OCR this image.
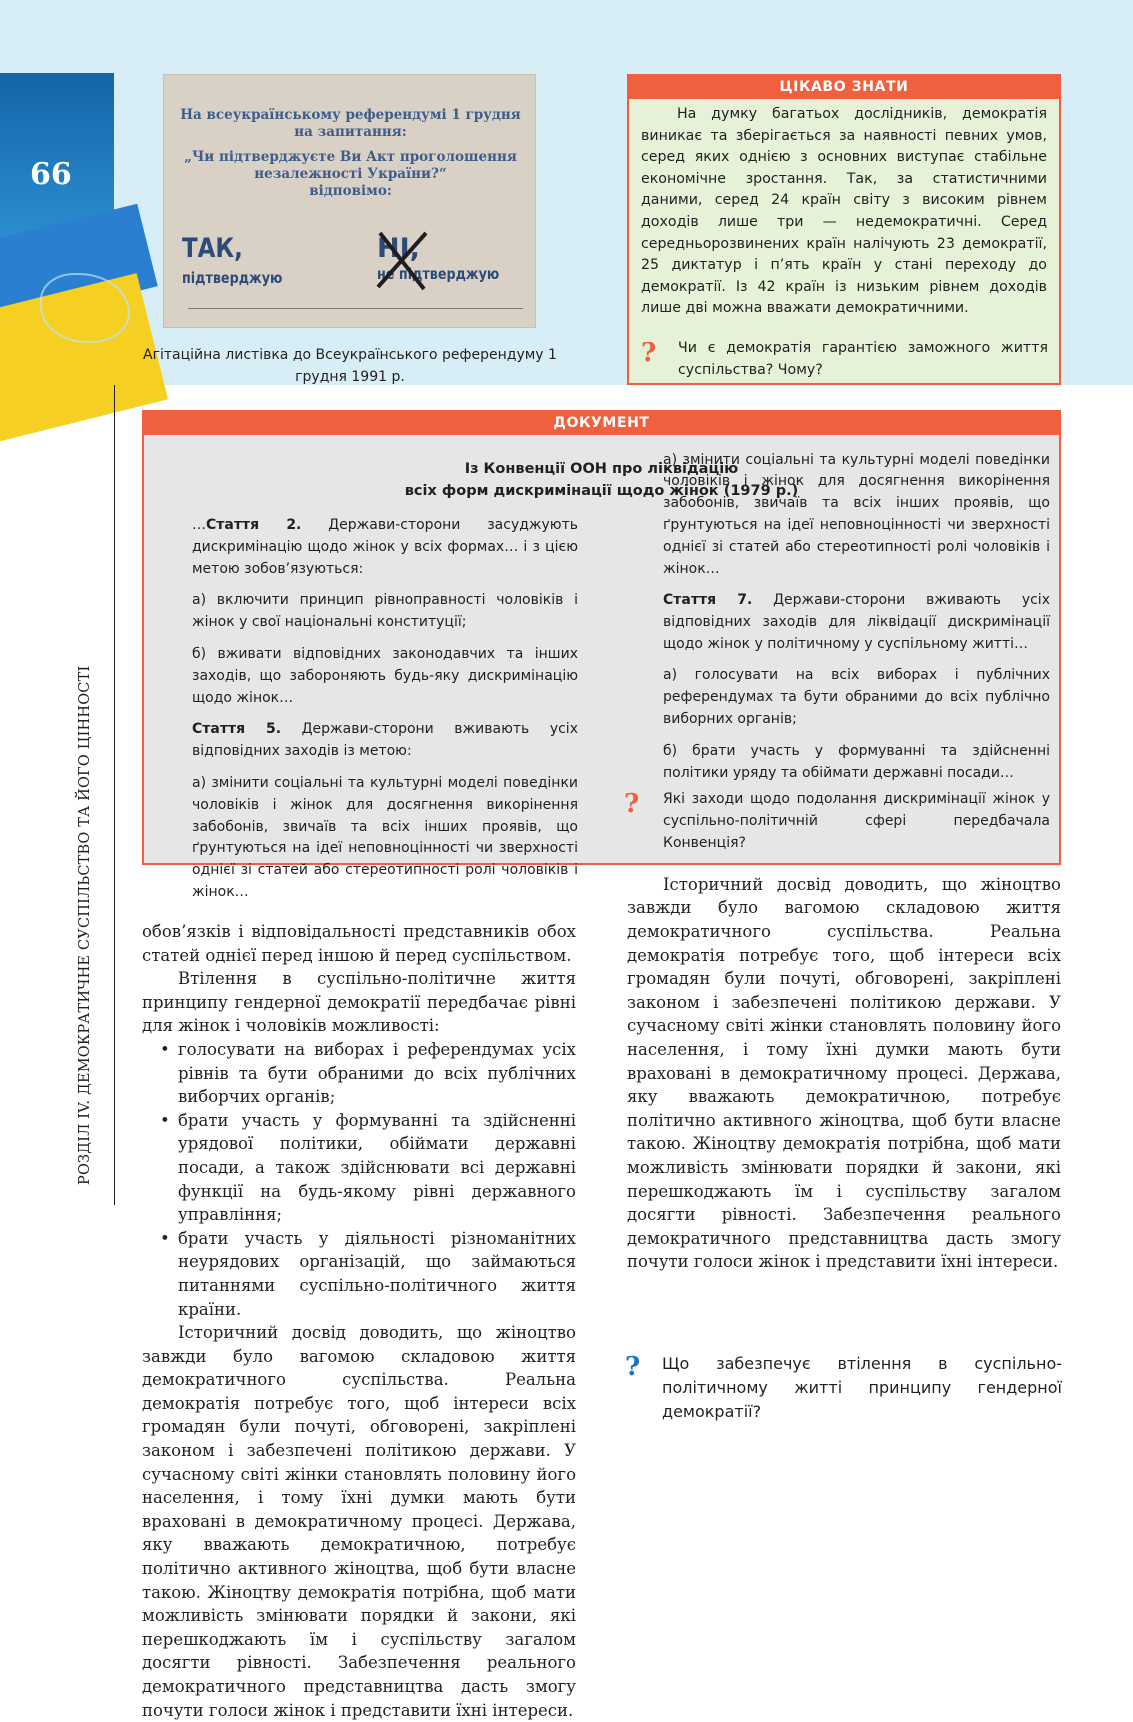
66
РОЗДІЛ IV. ДЕМОКРАТИЧНЕ СУСПІЛЬСТВО ТА ЙОГО ЦІННОСТІ
На всеукраїнському референдумі 1 грудня
на запитання:
„Чи підтверджуєте Ви Акт проголошення
незалежності України?“
відповімо:
ТАК,
підтверджую
НІ,
не підтверджую
Агітаційна листівка до Всеукраїнського референдуму 1 грудня 1991 р.
ЦІКАВО ЗНАТИ
На думку багатьох дослідників, демократія виникає та зберігається за наявності певних умов, серед яких однією з основних виступає стабільне економічне зростання. Так, за статистичними даними, серед 24 країн світу з високим рівнем доходів лише три — недемократичні. Серед середньорозвинених країн налічують 23 демократії, 25 диктатур і п’ять країн у стані переходу до демократії. Із 42 країн із низьким рівнем доходів лише дві можна вважати демократичними.
? Чи є демократія гарантією заможного життя суспільства? Чому?
ДОКУМЕНТ
Із Конвенції ООН про ліквідацію
всіх форм дискримінації щодо жінок (1979 р.)

…Стаття 2. Держави-сторони засуджують дискримінацію щодо жінок у всіх формах… і з цією метою зобов’язуються:

а) включити принцип рівноправності чоловіків і жінок у свої національні конституції;

б) вживати відповідних законодавчих та інших заходів, що забороняють будь-яку дискримінацію щодо жінок…

Стаття 5. Держави-сторони вживають усіх відповідних заходів із метою:

а) змінити соціальні та культурні моделі поведінки чоловіків і жінок для досягнення викорінення забобонів, звичаїв та всіх інших проявів, що ґрунтуються на ідеї неповноцінності чи зверхності однієї зі статей або стереотипності ролі чоловіків і жінок…

а) змінити соціальні та культурні моделі поведінки чоловіків і жінок для досягнення викорінення забобонів, звичаїв та всіх інших проявів, що ґрунтуються на ідеї неповноцінності чи зверхності однієї зі статей або стереотипності ролі чоловіків і жінок…

Стаття 7. Держави-сторони вживають усіх відповідних заходів для ліквідації дискримінації щодо жінок у політичному у суспільному житті…

а) голосувати на всіх виборах і публічних референдумах та бути обраними до всіх публічно виборних органів;

б) брати участь у формуванні та здійсненні політики уряду та обіймати державні посади…

? Які заходи щодо подолання дискримінації жінок у суспільно-політичній сфері передбачала Конвенція?

обов’язків і відповідальності представників обох статей однієї перед іншою й перед суспільством.

Втілення в суспільно-політичне життя принципу гендерної демократії передбачає рівні для жінок і чоловіків можливості:

• голосувати на виборах і референдумах усіх рівнів та бути обраними до всіх публічних виборчих органів;
• брати участь у формуванні та здійсненні урядової політики, обіймати державні посади, а також здійснювати всі державні функції на будь-якому рівні державного управління;
• брати участь у діяльності різноманітних неурядових організацій, що займаються питаннями суспільно-політичного життя країни.

Історичний досвід доводить, що жіноцтво завжди було вагомою складовою життя демократичного суспільства. Реальна демократія потребує того, щоб інтереси всіх громадян були почуті, обговорені, закріплені законом і забезпечені політикою держави. У сучасному світі жінки становлять половину його населення, і тому їхні думки мають бути враховані в демократичному процесі. Держава, яку вважають демократичною, потребує політично активного жіноцтва, щоб бути власне такою. Жіноцтву демократія потрібна, щоб мати можливість змінювати порядки й закони, які перешкоджають їм і суспільству загалом досягти рівності. Забезпечення реального демократичного представництва дасть змогу почути голоси жінок і представити їхні інтереси.

Історичний досвід доводить, що жіноцтво завжди було вагомою складовою життя демократичного суспільства. Реальна демократія потребує того, щоб інтереси всіх громадян були почуті, обговорені, закріплені законом і забезпечені політикою держави. У сучасному світі жінки становлять половину його населення, і тому їхні думки мають бути враховані в демократичному процесі. Держава, яку вважають демократичною, потребує політично активного жіноцтва, щоб бути власне такою. Жіноцтву демократія потрібна, щоб мати можливість змінювати порядки й закони, які перешкоджають їм і суспільству загалом досягти рівності. Забезпечення реального демократичного представництва дасть змогу почути голоси жінок і представити їхні інтереси.

? Що забезпечує втілення в суспільно-політичному житті принципу гендерної демократії?
